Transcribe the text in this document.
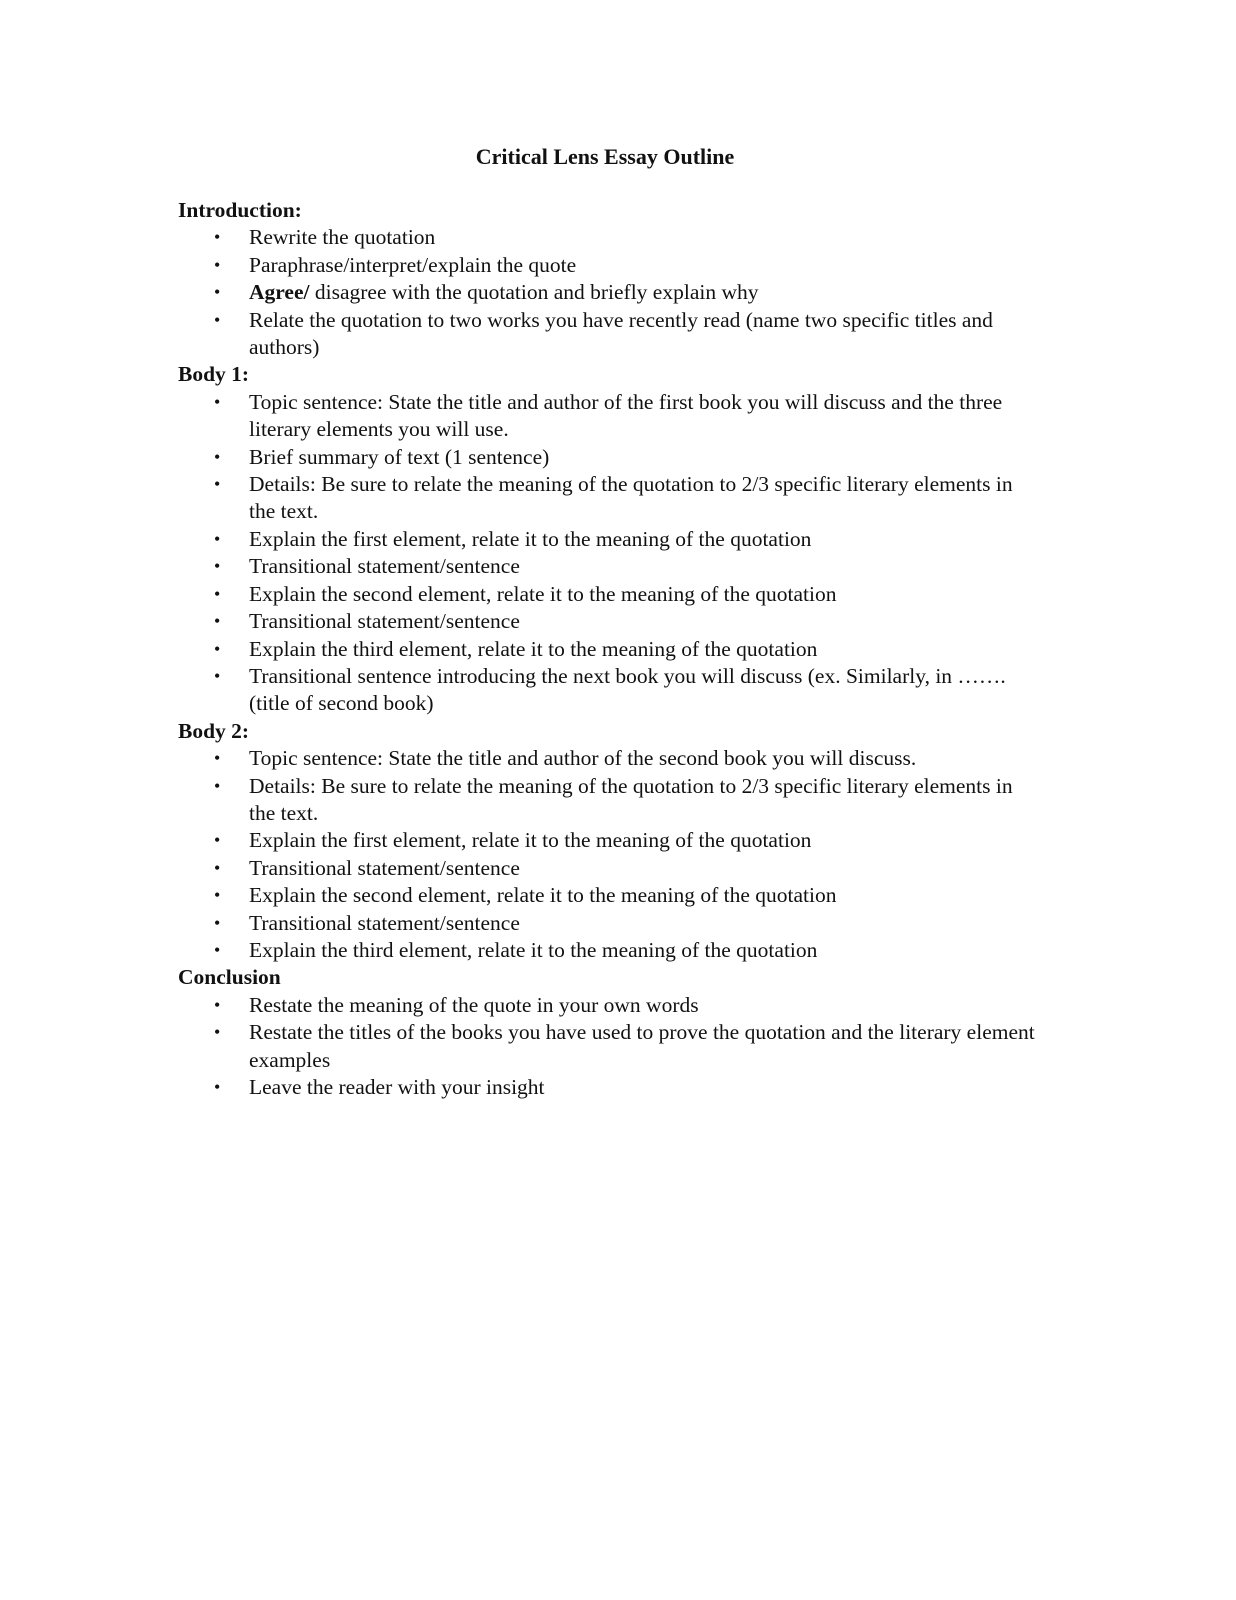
Critical Lens Essay Outline

Introduction:

• Rewrite the quotation
• Paraphrase/interpret/explain the quote
• Agree/ disagree with the quotation and briefly explain why
• Relate the quotation to two works you have recently read (name two specific titles and authors)

Body 1:

• Topic sentence: State the title and author of the first book you will discuss and the three literary elements you will use.
• Brief summary of text (1 sentence)
• Details: Be sure to relate the meaning of the quotation to 2/3 specific literary elements in the text.
• Explain the first element, relate it to the meaning of the quotation
• Transitional statement/sentence
• Explain the second element, relate it to the meaning of the quotation
• Transitional statement/sentence
• Explain the third element, relate it to the meaning of the quotation
• Transitional sentence introducing the next book you will discuss (ex. Similarly, in …….(title of second book)

Body 2:

• Topic sentence: State the title and author of the second book you will discuss.
• Details: Be sure to relate the meaning of the quotation to 2/3 specific literary elements in the text.
• Explain the first element, relate it to the meaning of the quotation
• Transitional statement/sentence
• Explain the second element, relate it to the meaning of the quotation
• Transitional statement/sentence
• Explain the third element, relate it to the meaning of the quotation

Conclusion

• Restate the meaning of the quote in your own words
• Restate the titles of the books you have used to prove the quotation and the literary element examples
• Leave the reader with your insight
